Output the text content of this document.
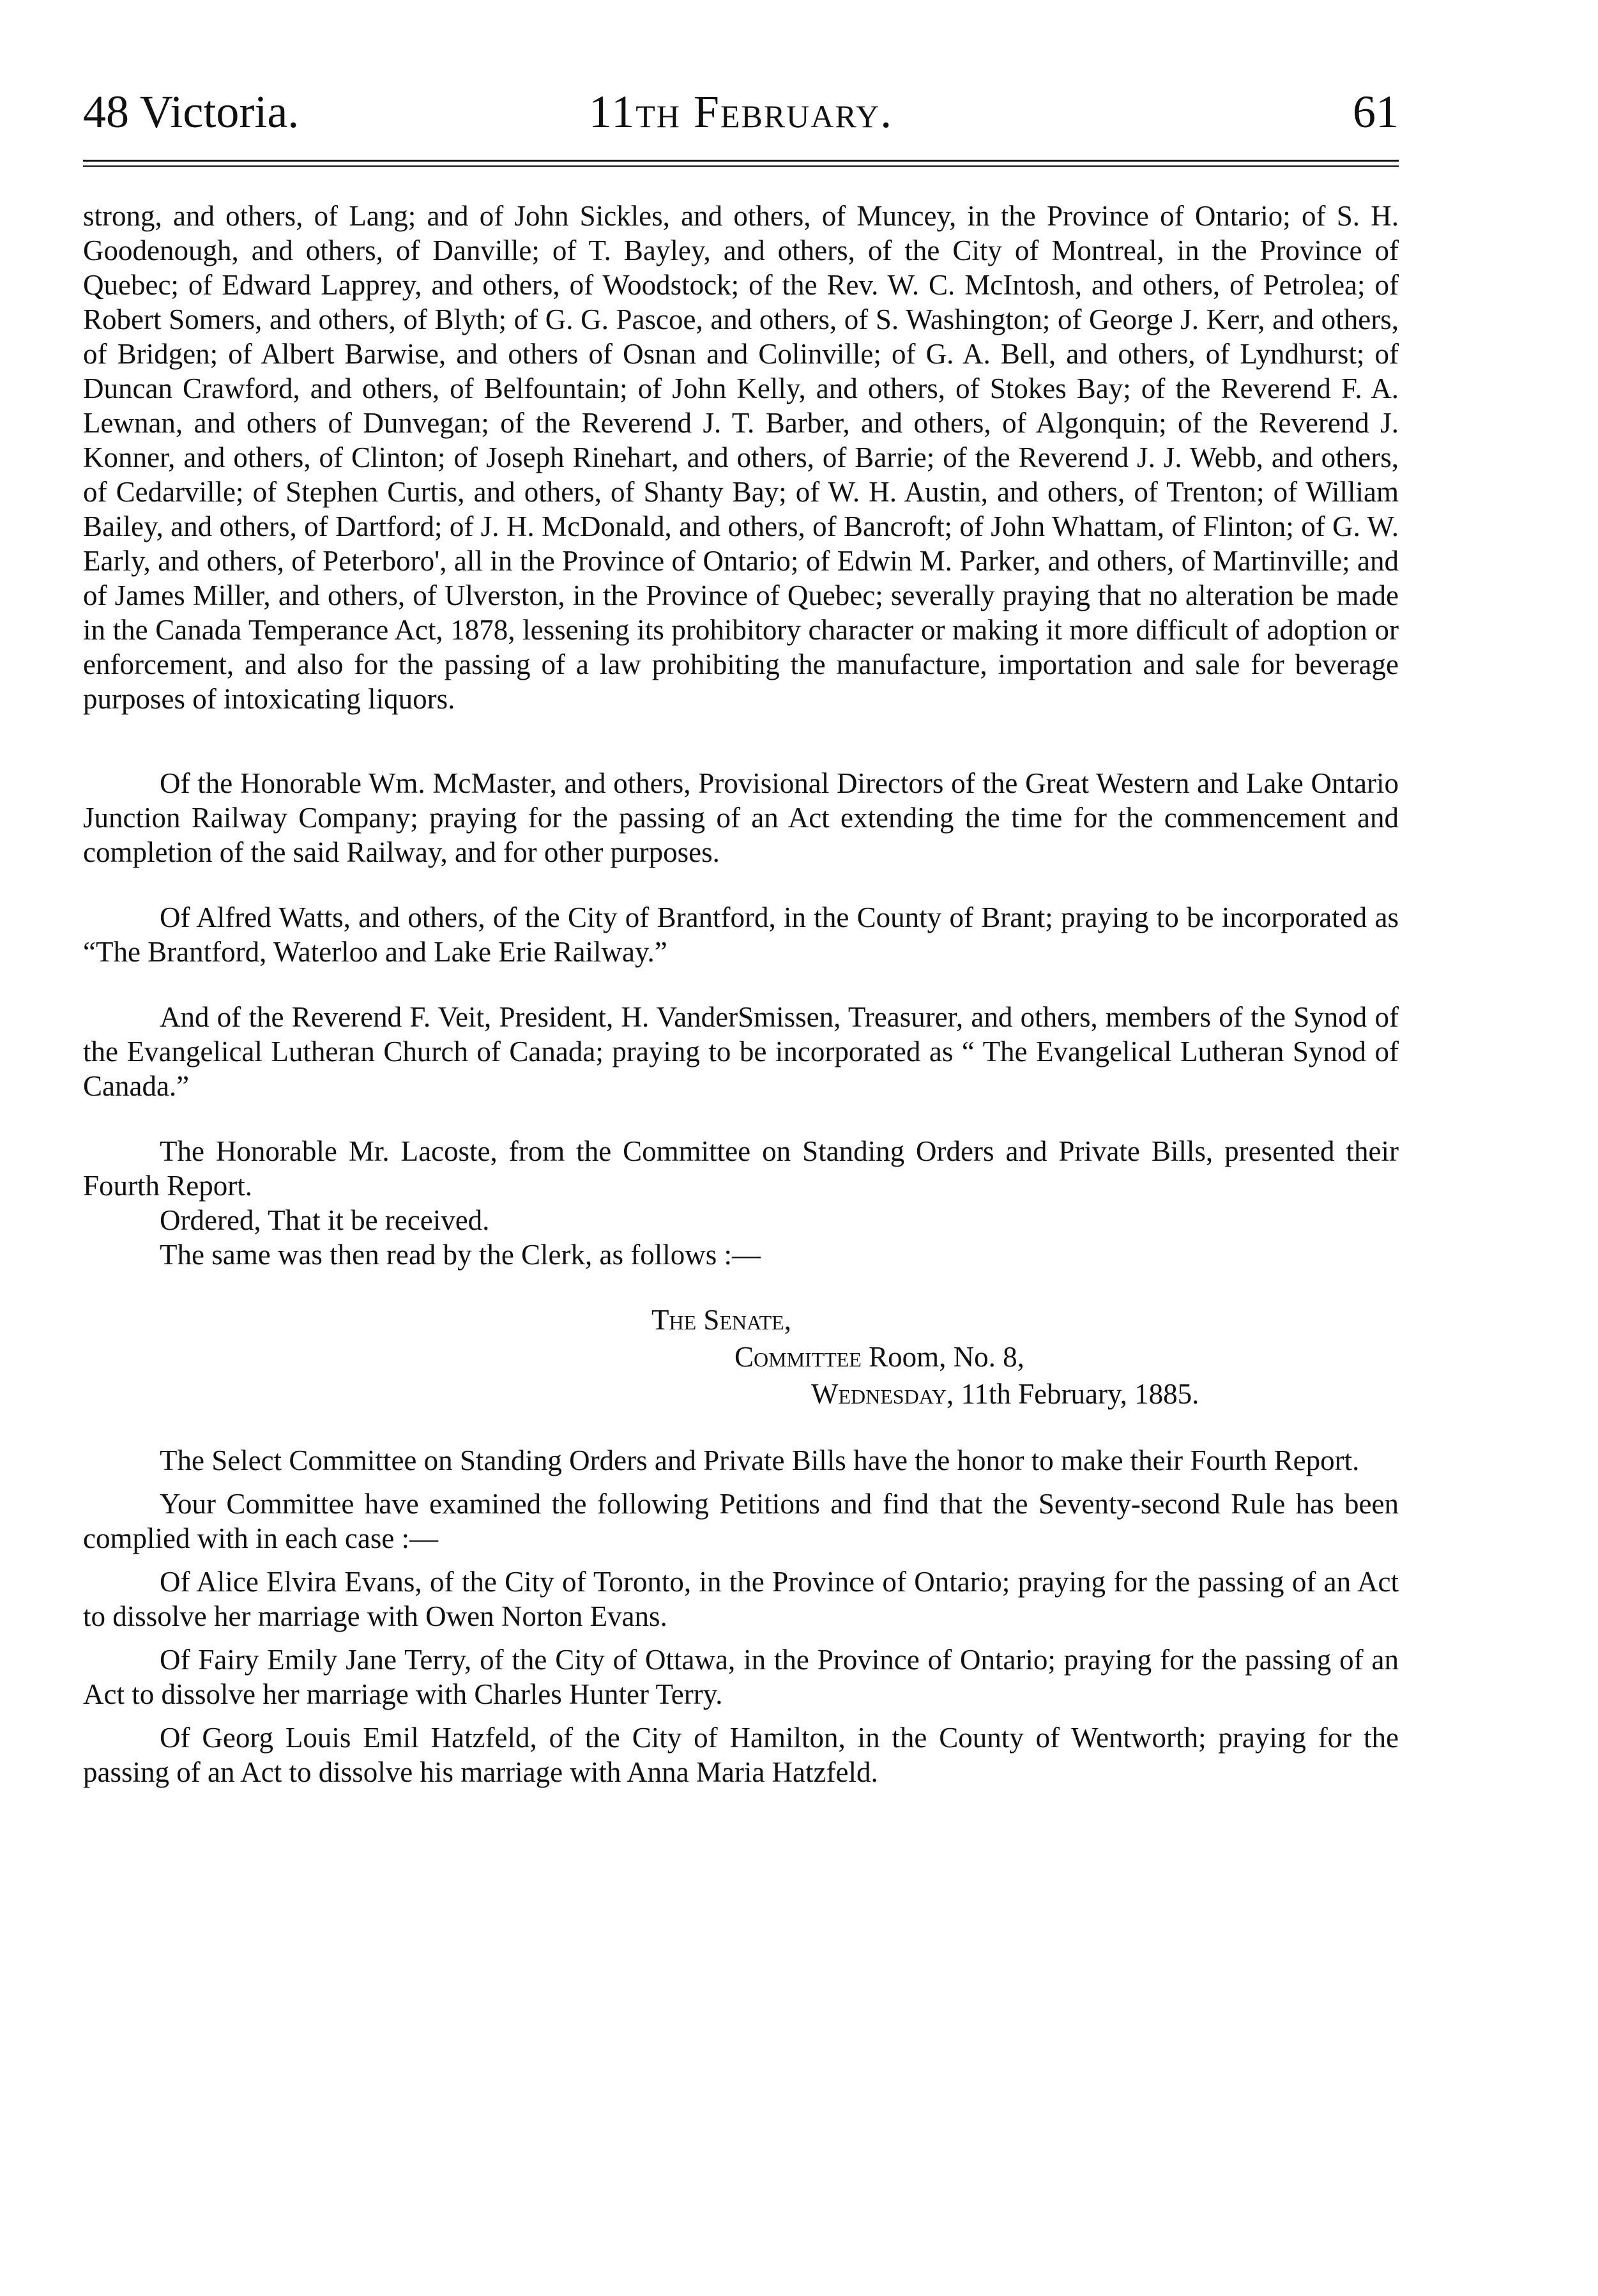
48 Victoria.	11th February.	61

strong, and others, of Lang; and of John Sickles, and others, of Muncey, in the Province of Ontario; of S. H. Goodenough, and others, of Danville; of T. Bayley, and others, of the City of Montreal, in the Province of Quebec; of Edward Lapprey, and others, of Woodstock; of the Rev. W. C. McIntosh, and others, of Petrolea; of Robert Somers, and others, of Blyth; of G. G. Pascoe, and others, of S. Washington; of George J. Kerr, and others, of Bridgen; of Albert Barwise, and others of Osnan and Colinville; of G. A. Bell, and others, of Lyndhurst; of Duncan Crawford, and others, of Belfountain; of John Kelly, and others, of Stokes Bay; of the Reverend F. A. Lewnan, and others of Dunvegan; of the Reverend J. T. Barber, and others, of Algonquin; of the Reverend J. Konner, and others, of Clinton; of Joseph Rinehart, and others, of Barrie; of the Reverend J. J. Webb, and others, of Cedarville; of Stephen Curtis, and others, of Shanty Bay; of W. H. Austin, and others, of Trenton; of William Bailey, and others, of Dartford; of J. H. McDonald, and others, of Bancroft; of John Whattam, of Flinton; of G. W. Early, and others, of Peterboro', all in the Province of Ontario; of Edwin M. Parker, and others, of Martinville; and of James Miller, and others, of Ulverston, in the Province of Quebec; severally praying that no alteration be made in the Canada Temperance Act, 1878, lessening its prohibitory character or making it more difficult of adoption or enforcement, and also for the passing of a law prohibiting the manufacture, importation and sale for beverage purposes of intoxicating liquors.

Of the Honorable Wm. McMaster, and others, Provisional Directors of the Great Western and Lake Ontario Junction Railway Company; praying for the passing of an Act extending the time for the commencement and completion of the said Railway, and for other purposes.

Of Alfred Watts, and others, of the City of Brantford, in the County of Brant; praying to be incorporated as “The Brantford, Waterloo and Lake Erie Railway.”

And of the Reverend F. Veit, President, H. VanderSmissen, Treasurer, and others, members of the Synod of the Evangelical Lutheran Church of Canada; praying to be incorporated as “ The Evangelical Lutheran Synod of Canada.”

The Honorable Mr. Lacoste, from the Committee on Standing Orders and Private Bills, presented their Fourth Report.

Ordered, That it be received.

The same was then read by the Clerk, as follows :—

The Senate,
Committee Room, No. 8,
Wednesday, 11th February, 1885.

The Select Committee on Standing Orders and Private Bills have the honor to make their Fourth Report.

Your Committee have examined the following Petitions and find that the Seventy-second Rule has been complied with in each case :—

Of Alice Elvira Evans, of the City of Toronto, in the Province of Ontario; praying for the passing of an Act to dissolve her marriage with Owen Norton Evans.

Of Fairy Emily Jane Terry, of the City of Ottawa, in the Province of Ontario; praying for the passing of an Act to dissolve her marriage with Charles Hunter Terry.

Of Georg Louis Emil Hatzfeld, of the City of Hamilton, in the County of Wentworth; praying for the passing of an Act to dissolve his marriage with Anna Maria Hatzfeld.
